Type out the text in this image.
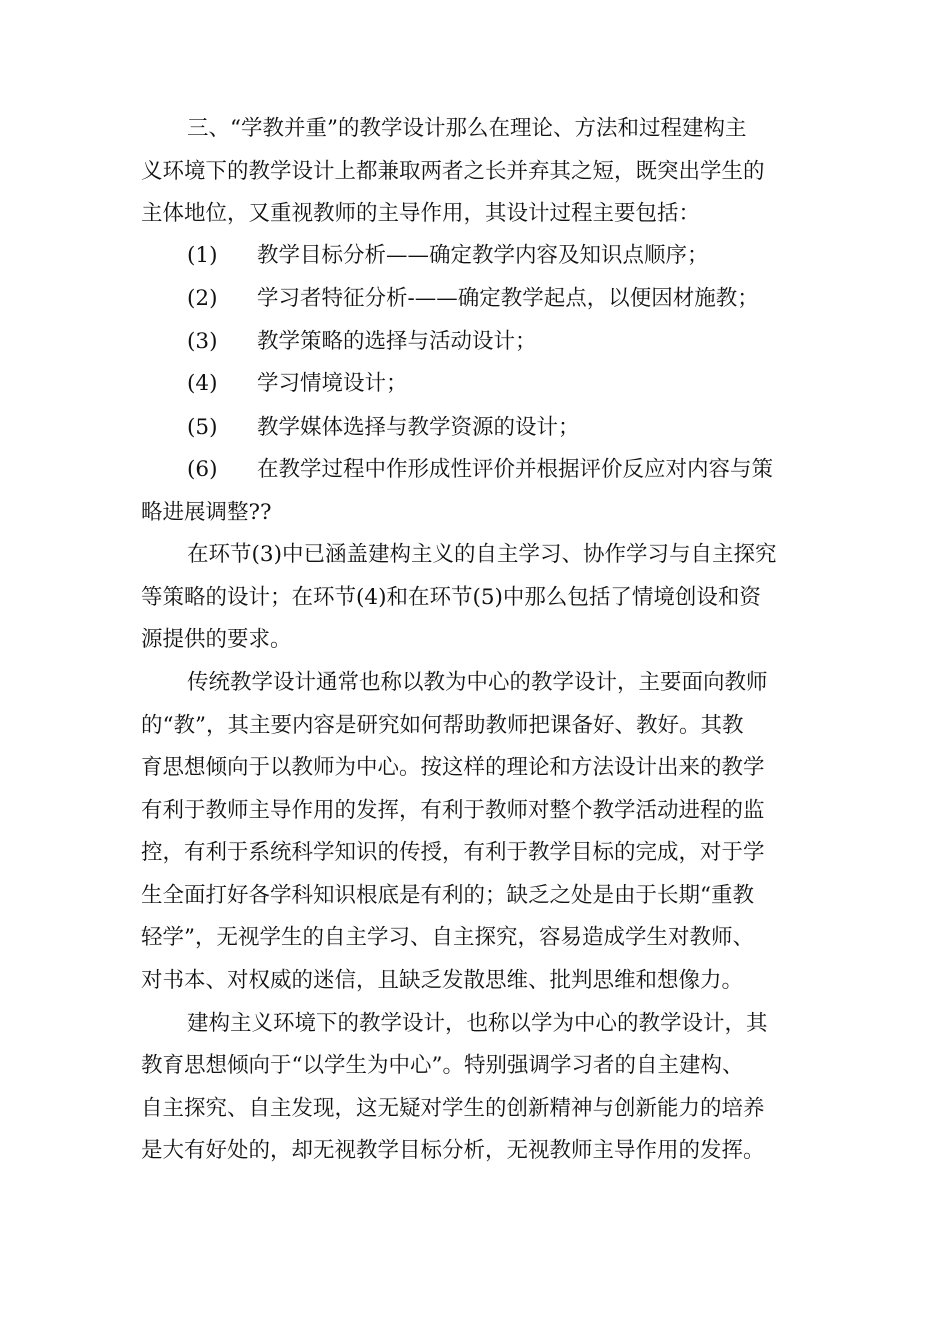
三、“学教并重”的教学设计那么在理论、方法和过程建构主
义环境下的教学设计上都兼取两者之长并弃其之短，既突出学生的
主体地位，又重视教师的主导作用，其设计过程主要包括：
(1) 教学目标分析——确定教学内容及知识点顺序；
(2) 学习者特征分析-——确定教学起点，以便因材施教；
(3) 教学策略的选择与活动设计；
(4) 学习情境设计；
(5) 教学媒体选择与教学资源的设计；
(6) 在教学过程中作形成性评价并根据评价反应对内容与策
略进展调整??
在环节(3)中已涵盖建构主义的自主学习、协作学习与自主探究
等策略的设计；在环节(4)和在环节(5)中那么包括了情境创设和资
源提供的要求。
传统教学设计通常也称以教为中心的教学设计，主要面向教师
的“教”，其主要内容是研究如何帮助教师把课备好、教好。其教
育思想倾向于以教师为中心。按这样的理论和方法设计出来的教学
有利于教师主导作用的发挥，有利于教师对整个教学活动进程的监
控，有利于系统科学知识的传授，有利于教学目标的完成，对于学
生全面打好各学科知识根底是有利的；缺乏之处是由于长期“重教
轻学”，无视学生的自主学习、自主探究，容易造成学生对教师、
对书本、对权威的迷信，且缺乏发散思维、批判思维和想像力。
建构主义环境下的教学设计，也称以学为中心的教学设计，其
教育思想倾向于“以学生为中心”。特别强调学习者的自主建构、
自主探究、自主发现，这无疑对学生的创新精神与创新能力的培养
是大有好处的，却无视教学目标分析，无视教师主导作用的发挥。
